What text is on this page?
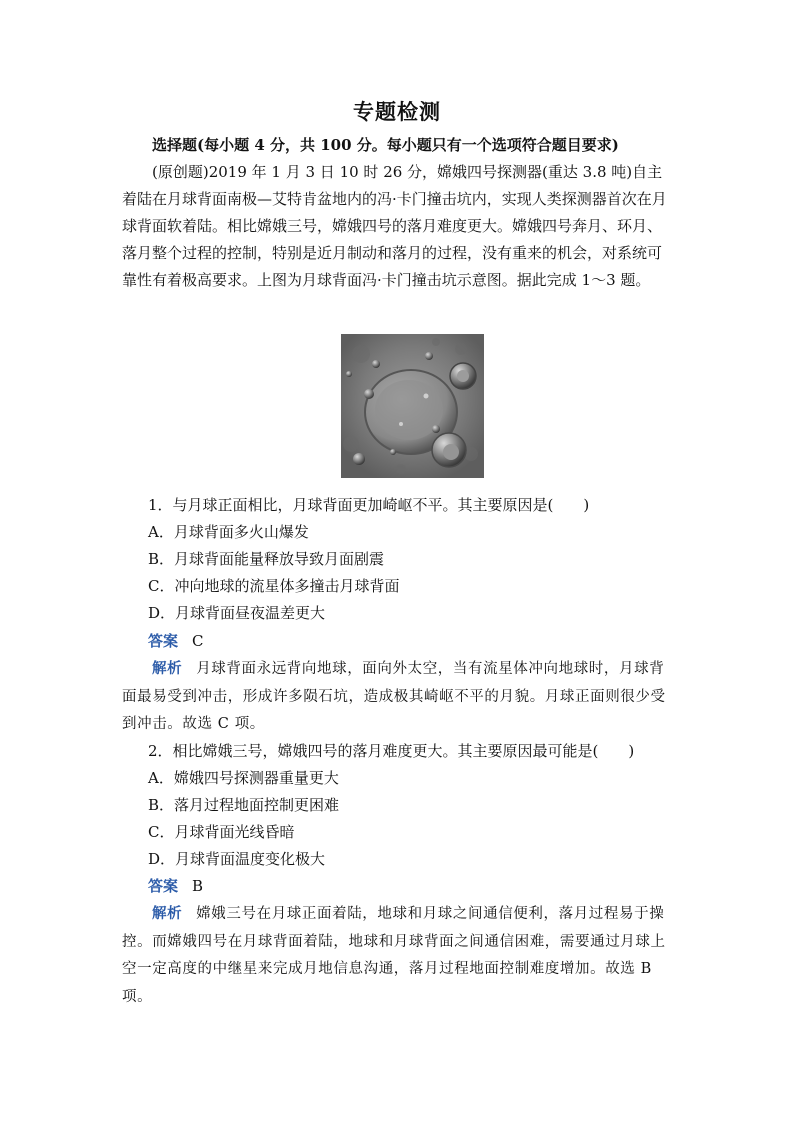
专题检测
选择题(每小题 4 分，共 100 分。每小题只有一个选项符合题目要求)
(原创题)2019 年 1 月 3 日 10 时 26 分，嫦娥四号探测器(重达 3.8 吨)自主着陆在月球背面南极—艾特肯盆地内的冯·卡门撞击坑内，实现人类探测器首次在月球背面软着陆。相比嫦娥三号，嫦娥四号的落月难度更大。嫦娥四号奔月、环月、落月整个过程的控制，特别是近月制动和落月的过程，没有重来的机会，对系统可靠性有着极高要求。上图为月球背面冯·卡门撞击坑示意图。据此完成 1～3 题。
1．与月球正面相比，月球背面更加崎岖不平。其主要原因是(　　)
A．月球背面多火山爆发
B．月球背面能量释放导致月面剧震
C．冲向地球的流星体多撞击月球背面
D．月球背面昼夜温差更大
答案 C
解析 月球背面永远背向地球，面向外太空，当有流星体冲向地球时，月球背面最易受到冲击，形成许多陨石坑，造成极其崎岖不平的月貌。月球正面则很少受到冲击。故选 C 项。
2．相比嫦娥三号，嫦娥四号的落月难度更大。其主要原因最可能是(　　)
A．嫦娥四号探测器重量更大
B．落月过程地面控制更困难
C．月球背面光线昏暗
D．月球背面温度变化极大
答案 B
解析 嫦娥三号在月球正面着陆，地球和月球之间通信便利，落月过程易于操控。而嫦娥四号在月球背面着陆，地球和月球背面之间通信困难，需要通过月球上空一定高度的中继星来完成月地信息沟通，落月过程地面控制难度增加。故选 B 项。
